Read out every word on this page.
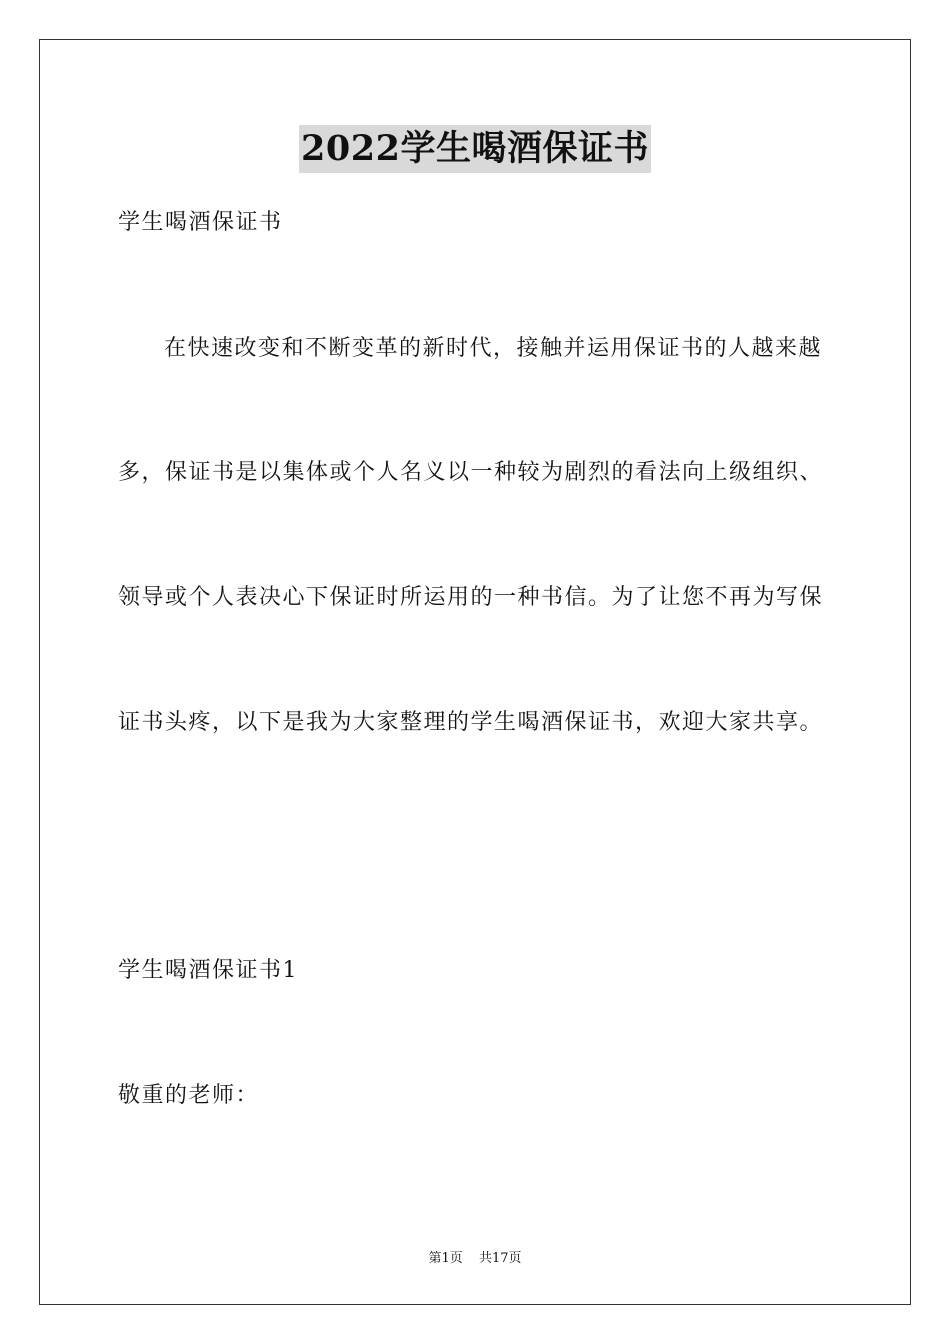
2022学生喝酒保证书
学生喝酒保证书
在快速改变和不断变革的新时代，接触并运用保证书的人越来越
多，保证书是以集体或个人名义以一种较为剧烈的看法向上级组织、
领导或个人表决心下保证时所运用的一种书信。为了让您不再为写保
证书头疼，以下是我为大家整理的学生喝酒保证书，欢迎大家共享。
学生喝酒保证书1
敬重的老师：
第1页 共17页
